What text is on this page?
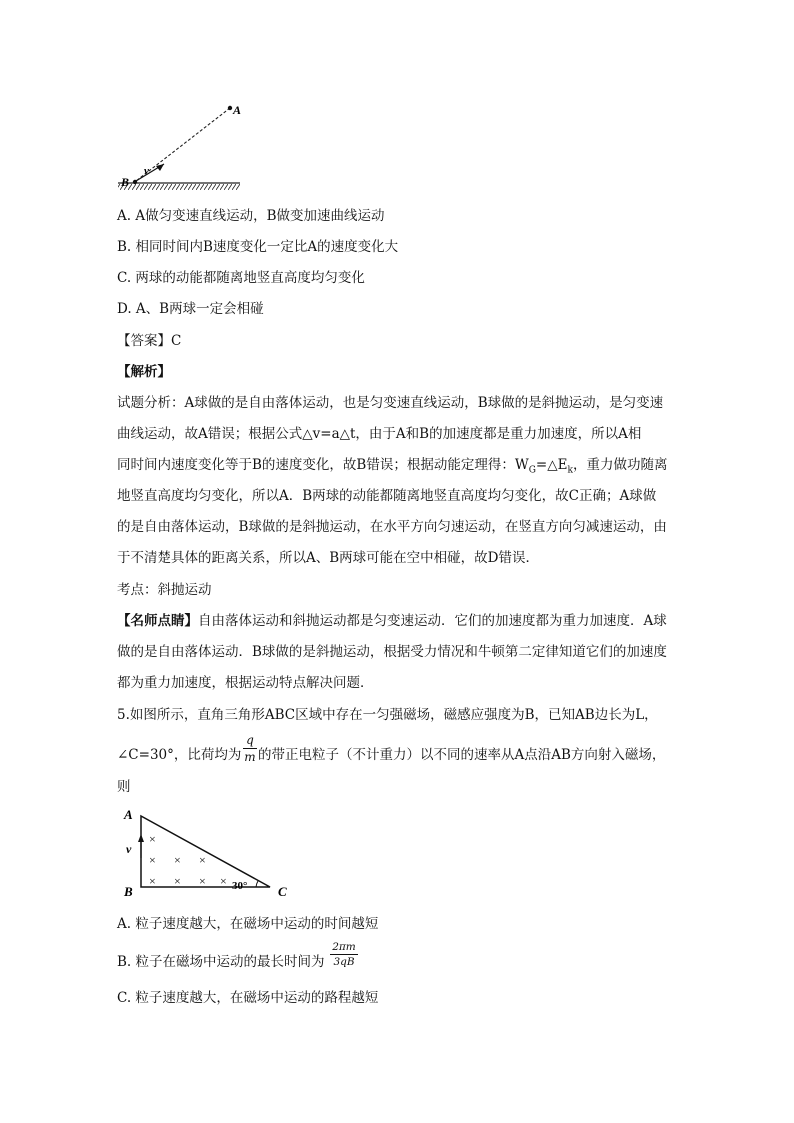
A
B
v
A. A做匀变速直线运动，B做变加速曲线运动
B. 相同时间内B速度变化一定比A的速度变化大
C. 两球的动能都随离地竖直高度均匀变化
D. A、B两球一定会相碰
【答案】C
【解析】
试题分析：A球做的是自由落体运动，也是匀变速直线运动，B球做的是斜抛运动，是匀变速
曲线运动，故A错误；根据公式△v=a△t，由于A和B的加速度都是重力加速度，所以A相
同时间内速度变化等于B的速度变化，故B错误；根据动能定理得：$W_G=\triangle E_k$，重力做功随离
地竖直高度均匀变化，所以A．B两球的动能都随离地竖直高度均匀变化，故C正确；A球做
的是自由落体运动，B球做的是斜抛运动，在水平方向匀速运动，在竖直方向匀减速运动，由
于不清楚具体的距离关系，所以A、B两球可能在空中相碰，故D错误．
考点：斜抛运动
【名师点睛】自由落体运动和斜抛运动都是匀变速运动．它们的加速度都为重力加速度．A球
做的是自由落体运动．B球做的是斜抛运动，根据受力情况和牛顿第二定律知道它们的加速度
都为重力加速度，根据运动特点解决问题．
5.如图所示，直角三角形ABC区域中存在一匀强磁场，磁感应强度为B，已知AB边长为L，
∠C=30°，比荷均为 $\frac{q}{m}$ 的带正电粒子（不计重力）以不同的速率从A点沿AB方向射入磁场，
则
A
B	C
v
30°
×
× × ×
× × × ×
A. 粒子速度越大，在磁场中运动的时间越短
B. 粒子在磁场中运动的最长时间为 $\frac{2\pi m}{3qB}$
C. 粒子速度越大，在磁场中运动的路程越短
